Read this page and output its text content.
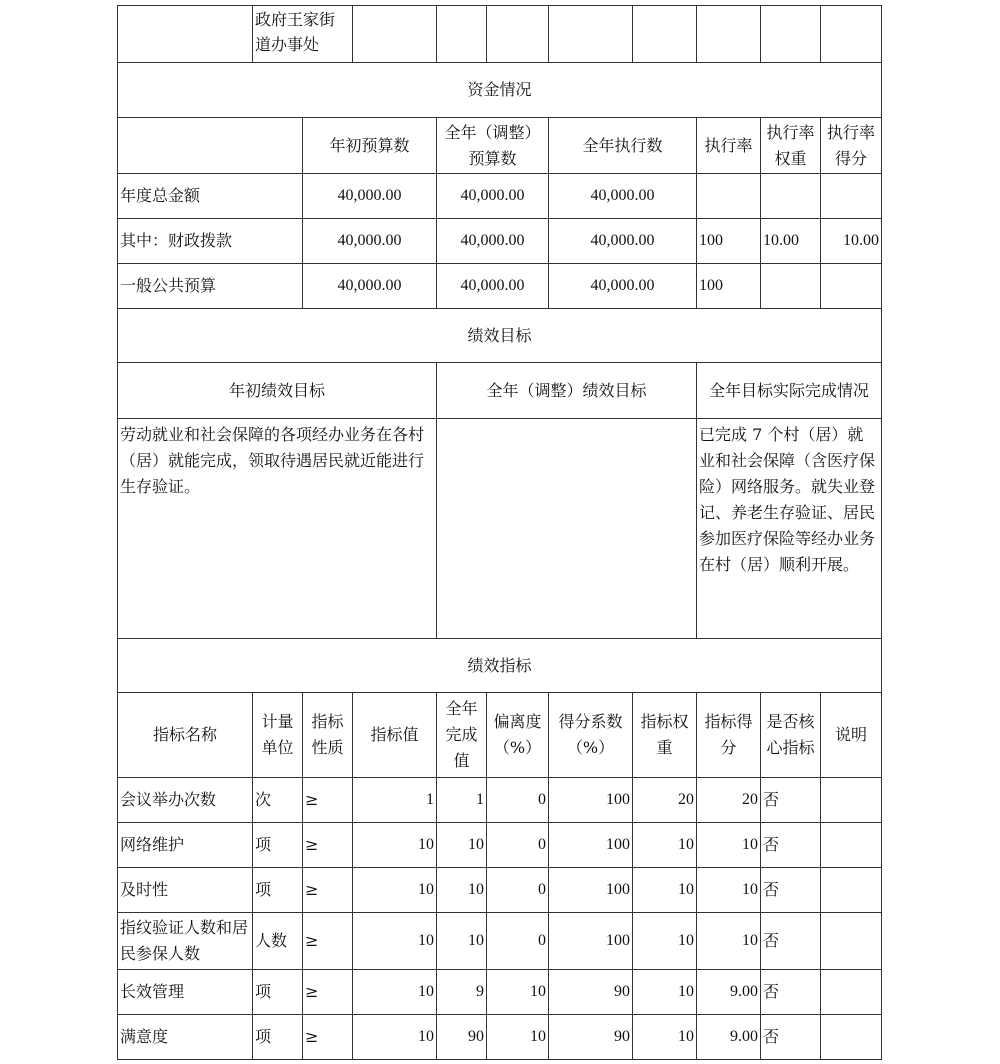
	政府王家街道办事处									
资金情况										
		年初预算数		全年（调整）预算数		全年执行数		执行率	执行率权重	执行率得分
年度总金额		40,000.00		40,000.00		40,000.00				
其中：财政拨款		40,000.00		40,000.00		40,000.00		100	10.00	10.00
一般公共预算		40,000.00		40,000.00		40,000.00		100		
绩效目标										
年初绩效目标				全年（调整）绩效目标				全年目标实际完成情况		
劳动就业和社会保障的各项经办业务在各村（居）就能完成，领取待遇居民就近能进行生存验证。								已完成 7 个村（居）就业和社会保障（含医疗保险）网络服务。就失业登记、养老生存验证、居民参加医疗保险等经办业务在村（居）顺利开展。		
绩效指标										
指标名称	计量单位	指标性质	指标值	全年完成值	偏离度（%）	得分系数（%）	指标权重	指标得分	是否核心指标	说明
会议举办次数	次	≥	1	1	0	100	20	20	否	
网络维护	项	≥	10	10	0	100	10	10	否	
及时性	项	≥	10	10	0	100	10	10	否	
指纹验证人数和居民参保人数	人数	≥	10	10	0	100	10	10	否	
长效管理	项	≥	10	9	10	90	10	9.00	否	
满意度	项	≥	10	90	10	90	10	9.00	否	
